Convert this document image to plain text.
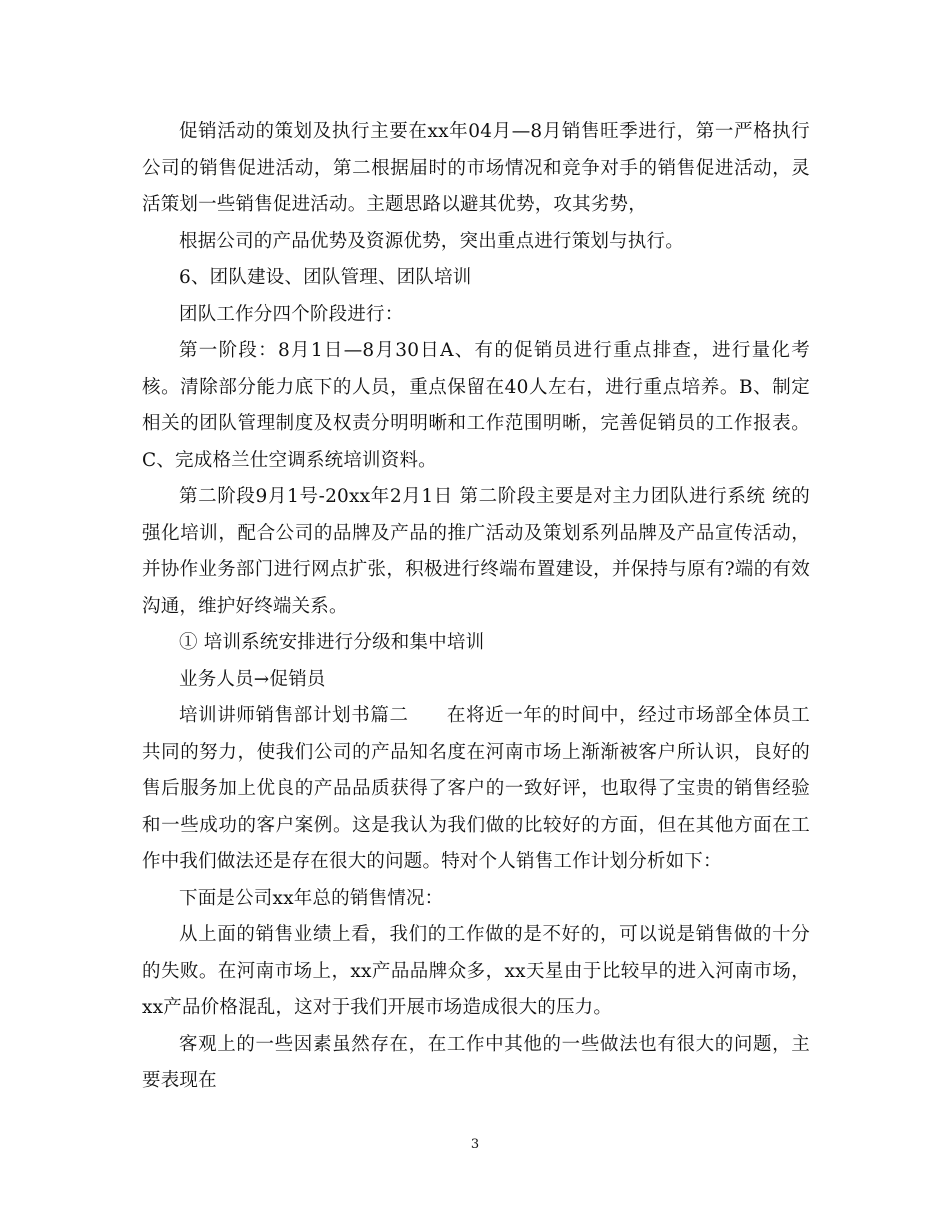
促销活动的策划及执行主要在xx年04月—8月销售旺季进行，第一严格执行公司的销售促进活动，第二根据届时的市场情况和竞争对手的销售促进活动，灵活策划一些销售促进活动。主题思路以避其优势，攻其劣势，

根据公司的产品优势及资源优势，突出重点进行策划与执行。

6、团队建设、团队管理、团队培训

团队工作分四个阶段进行：

第一阶段：8月1日—8月30日A、有的促销员进行重点排查，进行量化考核。清除部分能力底下的人员，重点保留在40人左右，进行重点培养。B、制定相关的团队管理制度及权责分明明晰和工作范围明晰，完善促销员的工作报表。C、完成格兰仕空调系统培训资料。

第二阶段9月1号-20xx年2月1日 第二阶段主要是对主力团队进行系统 统的强化培训，配合公司的品牌及产品的推广活动及策划系列品牌及产品宣传活动，并协作业务部门进行网点扩张，积极进行终端布置建设，并保持与原有?端的有效沟通，维护好终端关系。

① 培训系统安排进行分级和集中培训

业务人员→促销员

培训讲师销售部计划书篇二　　在将近一年的时间中，经过市场部全体员工共同的努力，使我们公司的产品知名度在河南市场上渐渐被客户所认识，良好的售后服务加上优良的产品品质获得了客户的一致好评，也取得了宝贵的销售经验和一些成功的客户案例。这是我认为我们做的比较好的方面，但在其他方面在工作中我们做法还是存在很大的问题。特对个人销售工作计划分析如下：

下面是公司xx年总的销售情况：

从上面的销售业绩上看，我们的工作做的是不好的，可以说是销售做的十分的失败。在河南市场上，xx产品品牌众多，xx天星由于比较早的进入河南市场，xx产品价格混乱，这对于我们开展市场造成很大的压力。

客观上的一些因素虽然存在，在工作中其他的一些做法也有很大的问题，主要表现在

3
